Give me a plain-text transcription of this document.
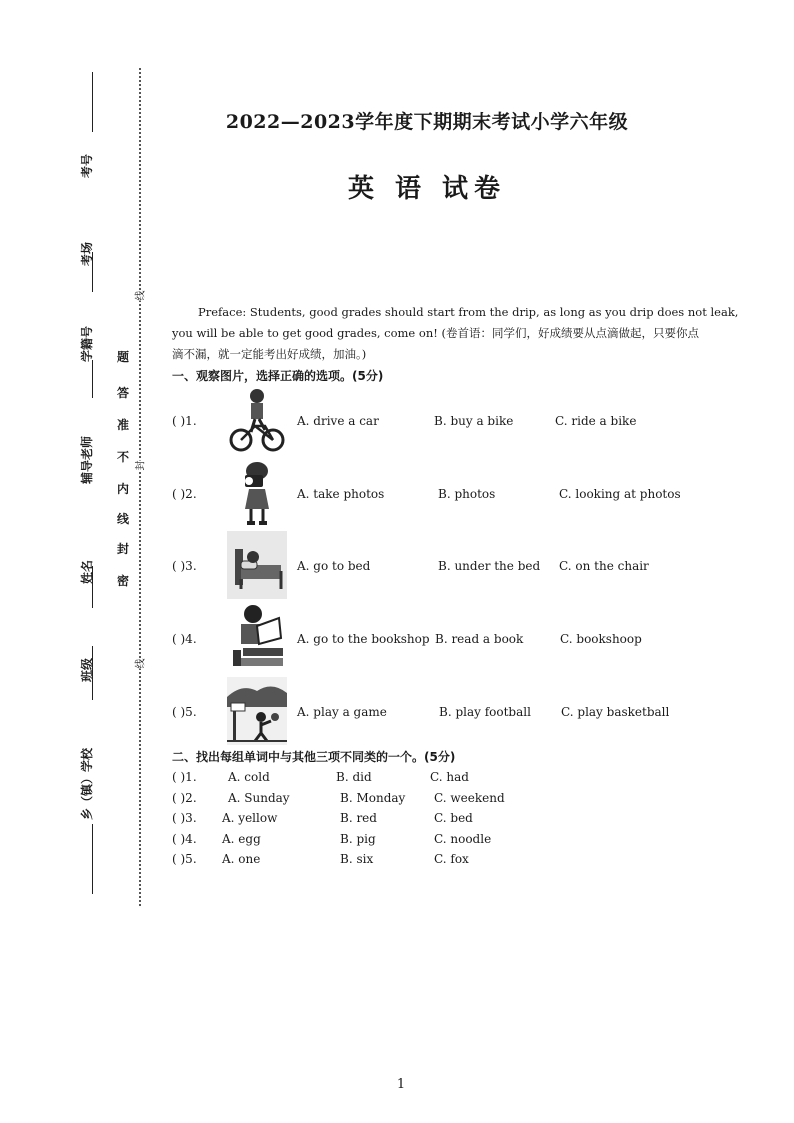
考号
考场
学籍号
辅导老师
姓名
班级
乡（镇）学校
密
封
线
内
不
准
答
题
线
封
线
2022—2023学年度下期期末考试小学六年级
英 语 试卷
Preface: Students, good grades should start from the drip, as long as you drip does not leak,
you will be able to get good grades, come on! (卷首语：同学们，好成绩要从点滴做起，只要你点
滴不漏，就一定能考出好成绩，加油。)
一、观察图片，选择正确的选项。(5分)
( )1.	A. drive a car	B. buy a bike	C. ride a bike
( )2.	A. take photos	B. photos	C. looking at photos
( )3.	A. go to bed	B. under the bed C. on the chair
( )4.	A. go to the bookshop B. read a book	C. bookshoop
( )5.	A. play a game	B. play football	C. play basketball
二、找出每组单词中与其他三项不同类的一个。(5分)
( )1.	A. cold	B. did	C. had
( )2.	A. Sunday	B. Monday C. weekend
( )3. A. yellow	B. red	C. bed
( )4. A. egg	B. pig	C. noodle
( )5. A. one	B. six	C. fox
1
